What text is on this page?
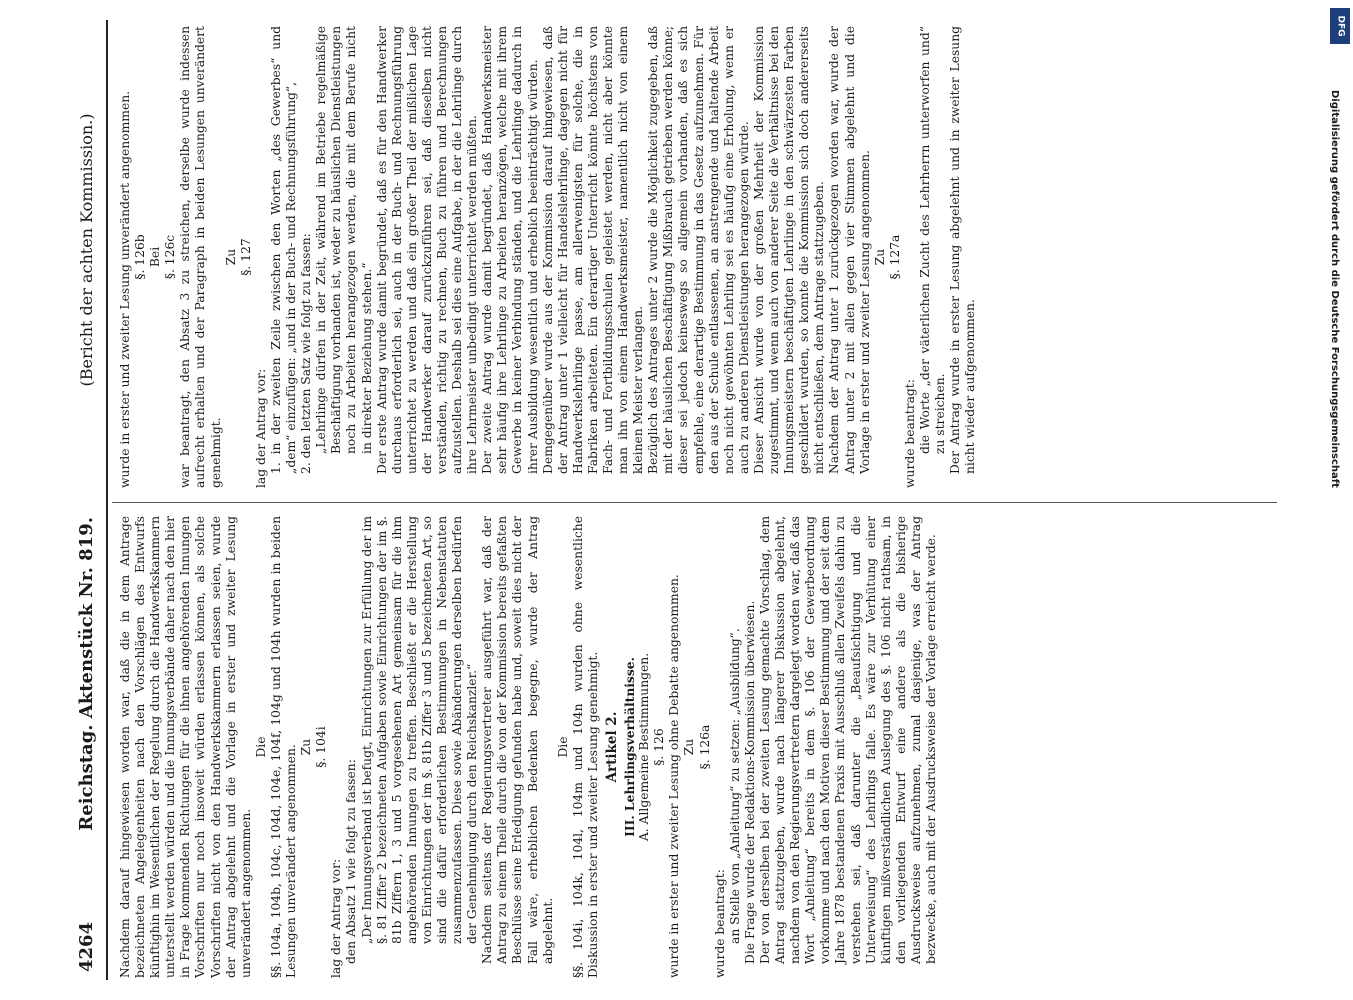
4264
Reichstag. Aktenstück Nr. 819.
(Bericht der achten Kommission.)

Nachdem darauf hingewiesen worden war, daß die in dem Antrage bezeichneten Angelegenheiten nach den Vorschlägen des Entwurfs künftighin im Wesentlichen der Regelung durch die Handwerkskammern unterstellt werden würden und die Innungsverbände daher nach den hier in Frage kommenden Richtungen für die ihnen angehörenden Innungen Vorschriften nur noch insoweit würden erlassen können, als solche Vorschriften nicht von den Handwerkskammern erlassen seien, wurde der Antrag abgelehnt und die Vorlage in erster und zweiter Lesung unverändert angenommen.

Die §§. 104a, 104b, 104c, 104d, 104e, 104f, 104g und 104h wurden in beiden Lesungen unverändert angenommen. Zu §. 104i

lag der Antrag vor: den Absatz 1 wie folgt zu fassen: „Der Innungsverband ist befugt, Einrichtungen zur Erfüllung der im §. 81 Ziffer 2 bezeichneten Aufgaben sowie Einrichtungen der im §. 81b Ziffern 1, 3 und 5 vorgesehenen Art gemeinsam für die ihm angehörenden Innungen zu treffen. Beschließt er die Herstellung von Einrichtungen der im §. 81b Ziffer 3 und 5 bezeichneten Art, so sind die dafür erforderlichen Bestimmungen in Nebenstatuten zusammenzufassen. Diese sowie Abänderungen derselben bedürfen der Genehmigung durch den Reichskanzler.“ Nachdem seitens der Regierungsvertreter ausgeführt war, daß der Antrag zu einem Theile durch die von der Kommission bereits gefaßten Beschlüsse seine Erledigung gefunden habe und, soweit dies nicht der Fall wäre, erheblichen Bedenken begegne, wurde der Antrag abgelehnt.

Die §§. 104i, 104k, 104l, 104m und 104n wurden ohne wesentliche Diskussion in erster und zweiter Lesung genehmigt. Artikel 2. III. Lehrlingsverhältnisse. A. Allgemeine Bestimmungen. §. 126 wurde in erster und zweiter Lesung ohne Debatte angenommen. Zu §. 126a

wurde beantragt: an Stelle von „Anleitung“ zu setzen: „Ausbildung“. Die Frage wurde der Redaktions-Kommission überwiesen. Der von derselben bei der zweiten Lesung gemachte Vorschlag, dem Antrag stattzugeben, wurde nach längerer Diskussion abgelehnt, nachdem von den Regierungsvertretern dargelegt worden war, daß das Wort „Anleitung“ bereits in dem §. 106 der Gewerbeordnung vorkomme und nach den Motiven dieser Bestimmung und der seit dem Jahre 1878 bestandenen Praxis mit Ausschluß allen Zweifels dahin zu verstehen sei, daß darunter die „Beaufsichtigung und die Unterweisung“ des Lehrlings falle. Es wäre zur Verhütung einer künftigen mißverständlichen Auslegung des §. 106 nicht rathsam, in den vorliegenden Entwurf eine andere als die bisherige Ausdrucksweise aufzunehmen, zumal dasjenige, was der Antrag bezwecke, auch mit der Ausdrucksweise der Vorlage erreicht werde.

wurde in erster und zweiter Lesung unverändert angenommen. §. 126b Bei §. 126c war beantragt, den Absatz 3 zu streichen, derselbe wurde indessen aufrecht erhalten und der Paragraph in beiden Lesungen unverändert genehmigt.

Zu §. 127

lag der Antrag vor: 1. in der zweiten Zeile zwischen den Worten „des Gewerbes“ und „dem“ einzufügen: „und in der Buch- und Rechnungsführung“, 2. den letzten Satz wie folgt zu fassen: „Lehrlinge dürfen in der Zeit, während im Betriebe regelmäßige Beschäftigung vorhanden ist, weder zu häuslichen Dienstleistungen noch zu Arbeiten herangezogen werden, die mit dem Berufe nicht in direkter Beziehung stehen.“ Der erste Antrag wurde damit begründet, daß es für den Handwerker durchaus erforderlich sei, auch in der Buch- und Rechnungsführung unterrichtet zu werden und daß ein großer Theil der mißlichen Lage der Handwerker darauf zurückzuführen sei, daß dieselben nicht verständen, richtig zu rechnen, Buch zu führen und Berechnungen aufzustellen. Deshalb sei dies eine Aufgabe, in der die Lehrlinge durch ihre Lehrmeister unbedingt unterrichtet werden müßten. Der zweite Antrag wurde damit begründet, daß Handwerksmeister sehr häufig ihre Lehrlinge zu Arbeiten heranzögen, welche mit ihrem Gewerbe in keiner Verbindung ständen, und die Lehrlinge dadurch in ihrer Ausbildung wesentlich und erheblich beeinträchtigt würden. Demgegenüber wurde aus der Kommission darauf hingewiesen, daß der Antrag unter 1 vielleicht für Handelslehrlinge, dagegen nicht für Handwerkslehrlinge passe, am allerwenigsten für solche, die in Fabriken arbeiteten. Ein derartiger Unterricht könnte höchstens von Fach- und Fortbildungsschulen geleistet werden, nicht aber könnte man ihn von einem Handwerksmeister, namentlich nicht von einem kleinen Meister verlangen. Bezüglich des Antrages unter 2 wurde die Möglichkeit zugegeben, daß mit der häuslichen Beschäftigung Mißbrauch getrieben werden könne; dieser sei jedoch keineswegs so allgemein vorhanden, daß es sich empfehle, eine derartige Bestimmung in das Gesetz aufzunehmen. Für den aus der Schule entlassenen, an anstrengende und haltende Arbeit noch nicht gewöhnten Lehrling sei es häufig eine Erholung, wenn er auch zu anderen Dienstleistungen herangezogen würde. Dieser Ansicht wurde von der großen Mehrheit der Kommission zugestimmt, und wenn auch von anderer Seite die Verhältnisse bei den Innungsmeistern beschäftigten Lehrlinge in den schwärzesten Farben geschildert wurden, so konnte die Kommission sich doch andererseits nicht entschließen, dem Antrage stattzugeben. Nachdem der Antrag unter 1 zurückgezogen worden war, wurde der Antrag unter 2 mit allen gegen vier Stimmen abgelehnt und die Vorlage in erster und zweiter Lesung angenommen. Zu §. 127a

wurde beantragt: die Worte „der väterlichen Zucht des Lehrherrn unterworfen und“ zu streichen. Der Antrag wurde in erster Lesung abgelehnt und in zweiter Lesung nicht wieder aufgenommen.

DFG
Digitalisierung gefördert durch die Deutsche Forschungsgemeinschaft
